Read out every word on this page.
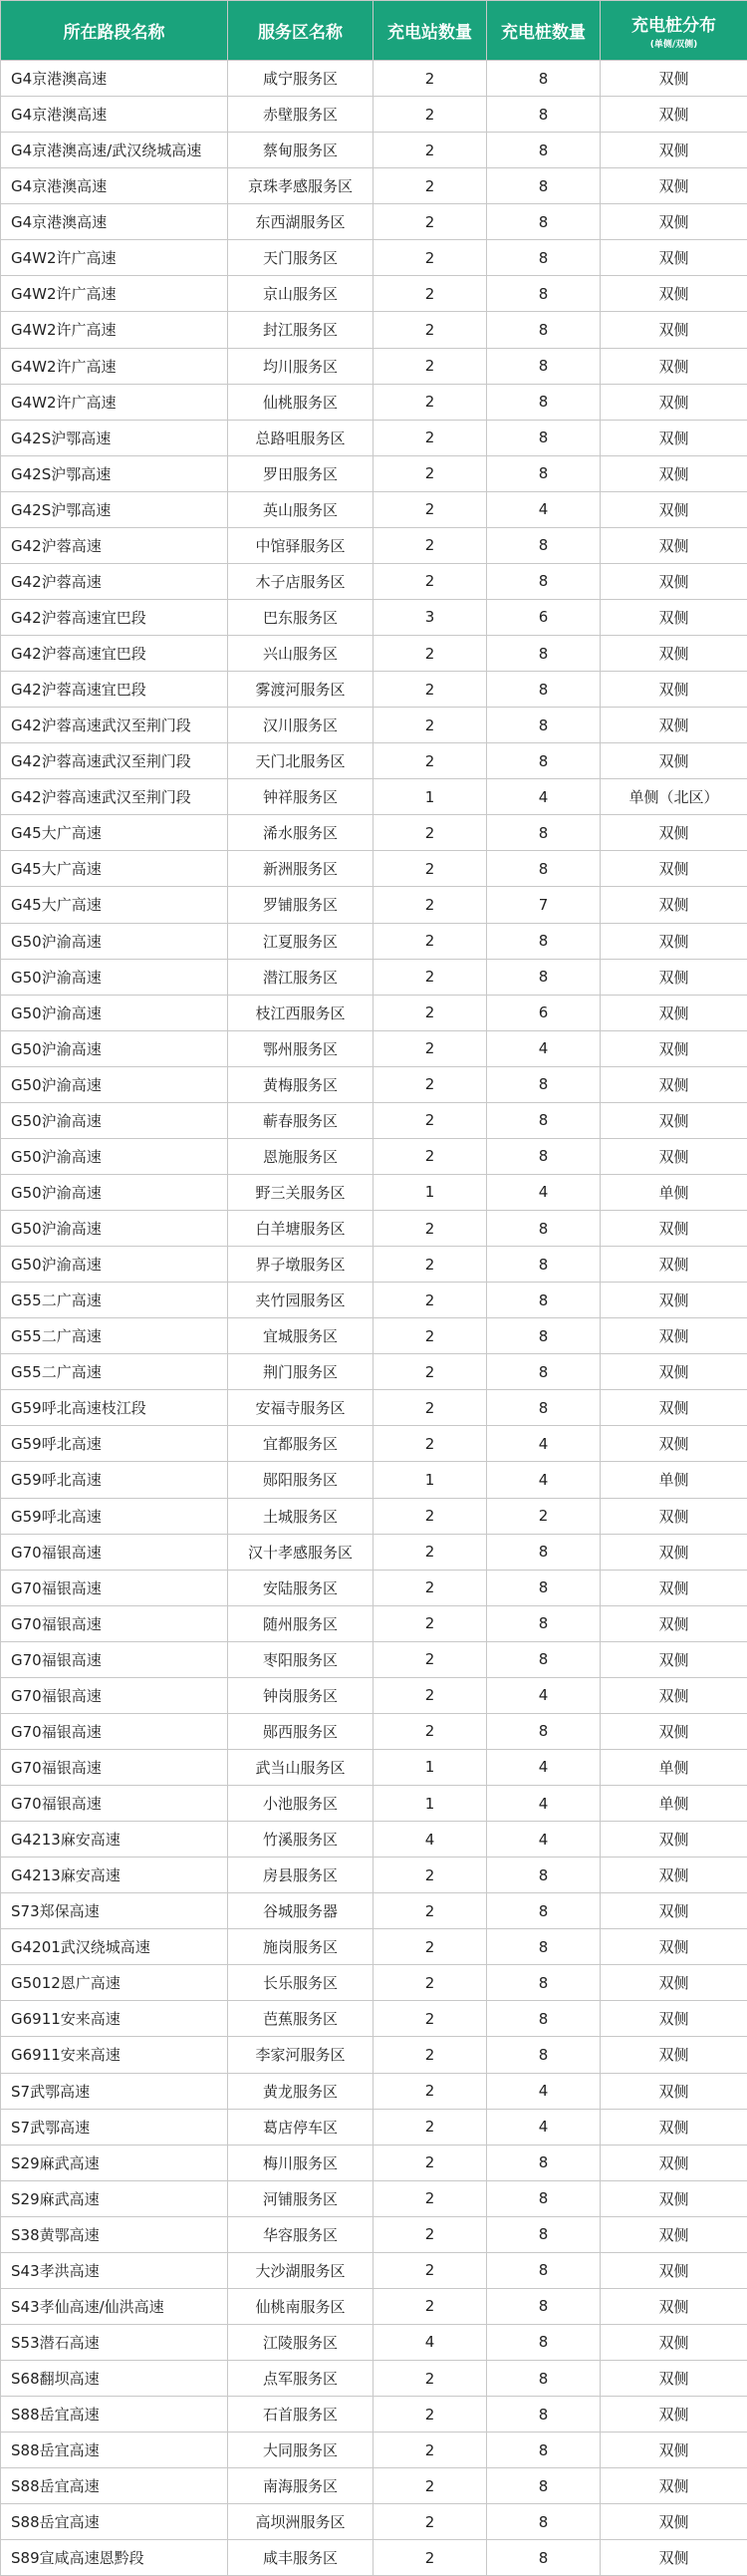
所在路段名称	服务区名称	充电站数量	充电桩数量	充电桩分布
(单侧/双侧)

G4京港澳高速	咸宁服务区	2	8	双侧
G4京港澳高速	赤壁服务区	2	8	双侧
G4京港澳高速/武汉绕城高速	蔡甸服务区	2	8	双侧
G4京港澳高速	京珠孝感服务区	2	8	双侧
G4京港澳高速	东西湖服务区	2	8	双侧
G4W2许广高速	天门服务区	2	8	双侧
G4W2许广高速	京山服务区	2	8	双侧
G4W2许广高速	封江服务区	2	8	双侧
G4W2许广高速	均川服务区	2	8	双侧
G4W2许广高速	仙桃服务区	2	8	双侧
G42S沪鄂高速	总路咀服务区	2	8	双侧
G42S沪鄂高速	罗田服务区	2	8	双侧
G42S沪鄂高速	英山服务区	2	4	双侧
G42沪蓉高速	中馆驿服务区	2	8	双侧
G42沪蓉高速	木子店服务区	2	8	双侧
G42沪蓉高速宜巴段	巴东服务区	3	6	双侧
G42沪蓉高速宜巴段	兴山服务区	2	8	双侧
G42沪蓉高速宜巴段	雾渡河服务区	2	8	双侧
G42沪蓉高速武汉至荆门段	汉川服务区	2	8	双侧
G42沪蓉高速武汉至荆门段	天门北服务区	2	8	双侧
G42沪蓉高速武汉至荆门段	钟祥服务区	1	4	单侧（北区）
G45大广高速	浠水服务区	2	8	双侧
G45大广高速	新洲服务区	2	8	双侧
G45大广高速	罗铺服务区	2	7	双侧
G50沪渝高速	江夏服务区	2	8	双侧
G50沪渝高速	潜江服务区	2	8	双侧
G50沪渝高速	枝江西服务区	2	6	双侧
G50沪渝高速	鄂州服务区	2	4	双侧
G50沪渝高速	黄梅服务区	2	8	双侧
G50沪渝高速	蕲春服务区	2	8	双侧
G50沪渝高速	恩施服务区	2	8	双侧
G50沪渝高速	野三关服务区	1	4	单侧
G50沪渝高速	白羊塘服务区	2	8	双侧
G50沪渝高速	界子墩服务区	2	8	双侧
G55二广高速	夹竹园服务区	2	8	双侧
G55二广高速	宜城服务区	2	8	双侧
G55二广高速	荆门服务区	2	8	双侧
G59呼北高速枝江段	安福寺服务区	2	8	双侧
G59呼北高速	宜都服务区	2	4	双侧
G59呼北高速	郧阳服务区	1	4	单侧
G59呼北高速	土城服务区	2	2	双侧
G70福银高速	汉十孝感服务区	2	8	双侧
G70福银高速	安陆服务区	2	8	双侧
G70福银高速	随州服务区	2	8	双侧
G70福银高速	枣阳服务区	2	8	双侧
G70福银高速	钟岗服务区	2	4	双侧
G70福银高速	郧西服务区	2	8	双侧
G70福银高速	武当山服务区	1	4	单侧
G70福银高速	小池服务区	1	4	单侧
G4213麻安高速	竹溪服务区	4	4	双侧
G4213麻安高速	房县服务区	2	8	双侧
S73郑保高速	谷城服务器	2	8	双侧
G4201武汉绕城高速	施岗服务区	2	8	双侧
G5012恩广高速	长乐服务区	2	8	双侧
G6911安来高速	芭蕉服务区	2	8	双侧
G6911安来高速	李家河服务区	2	8	双侧
S7武鄂高速	黄龙服务区	2	4	双侧
S7武鄂高速	葛店停车区	2	4	双侧
S29麻武高速	梅川服务区	2	8	双侧
S29麻武高速	河铺服务区	2	8	双侧
S38黄鄂高速	华容服务区	2	8	双侧
S43孝洪高速	大沙湖服务区	2	8	双侧
S43孝仙高速/仙洪高速	仙桃南服务区	2	8	双侧
S53潜石高速	江陵服务区	4	8	双侧
S68翻坝高速	点军服务区	2	8	双侧
S88岳宜高速	石首服务区	2	8	双侧
S88岳宜高速	大同服务区	2	8	双侧
S88岳宜高速	南海服务区	2	8	双侧
S88岳宜高速	高坝洲服务区	2	8	双侧
S89宣咸高速恩黔段	咸丰服务区	2	8	双侧
